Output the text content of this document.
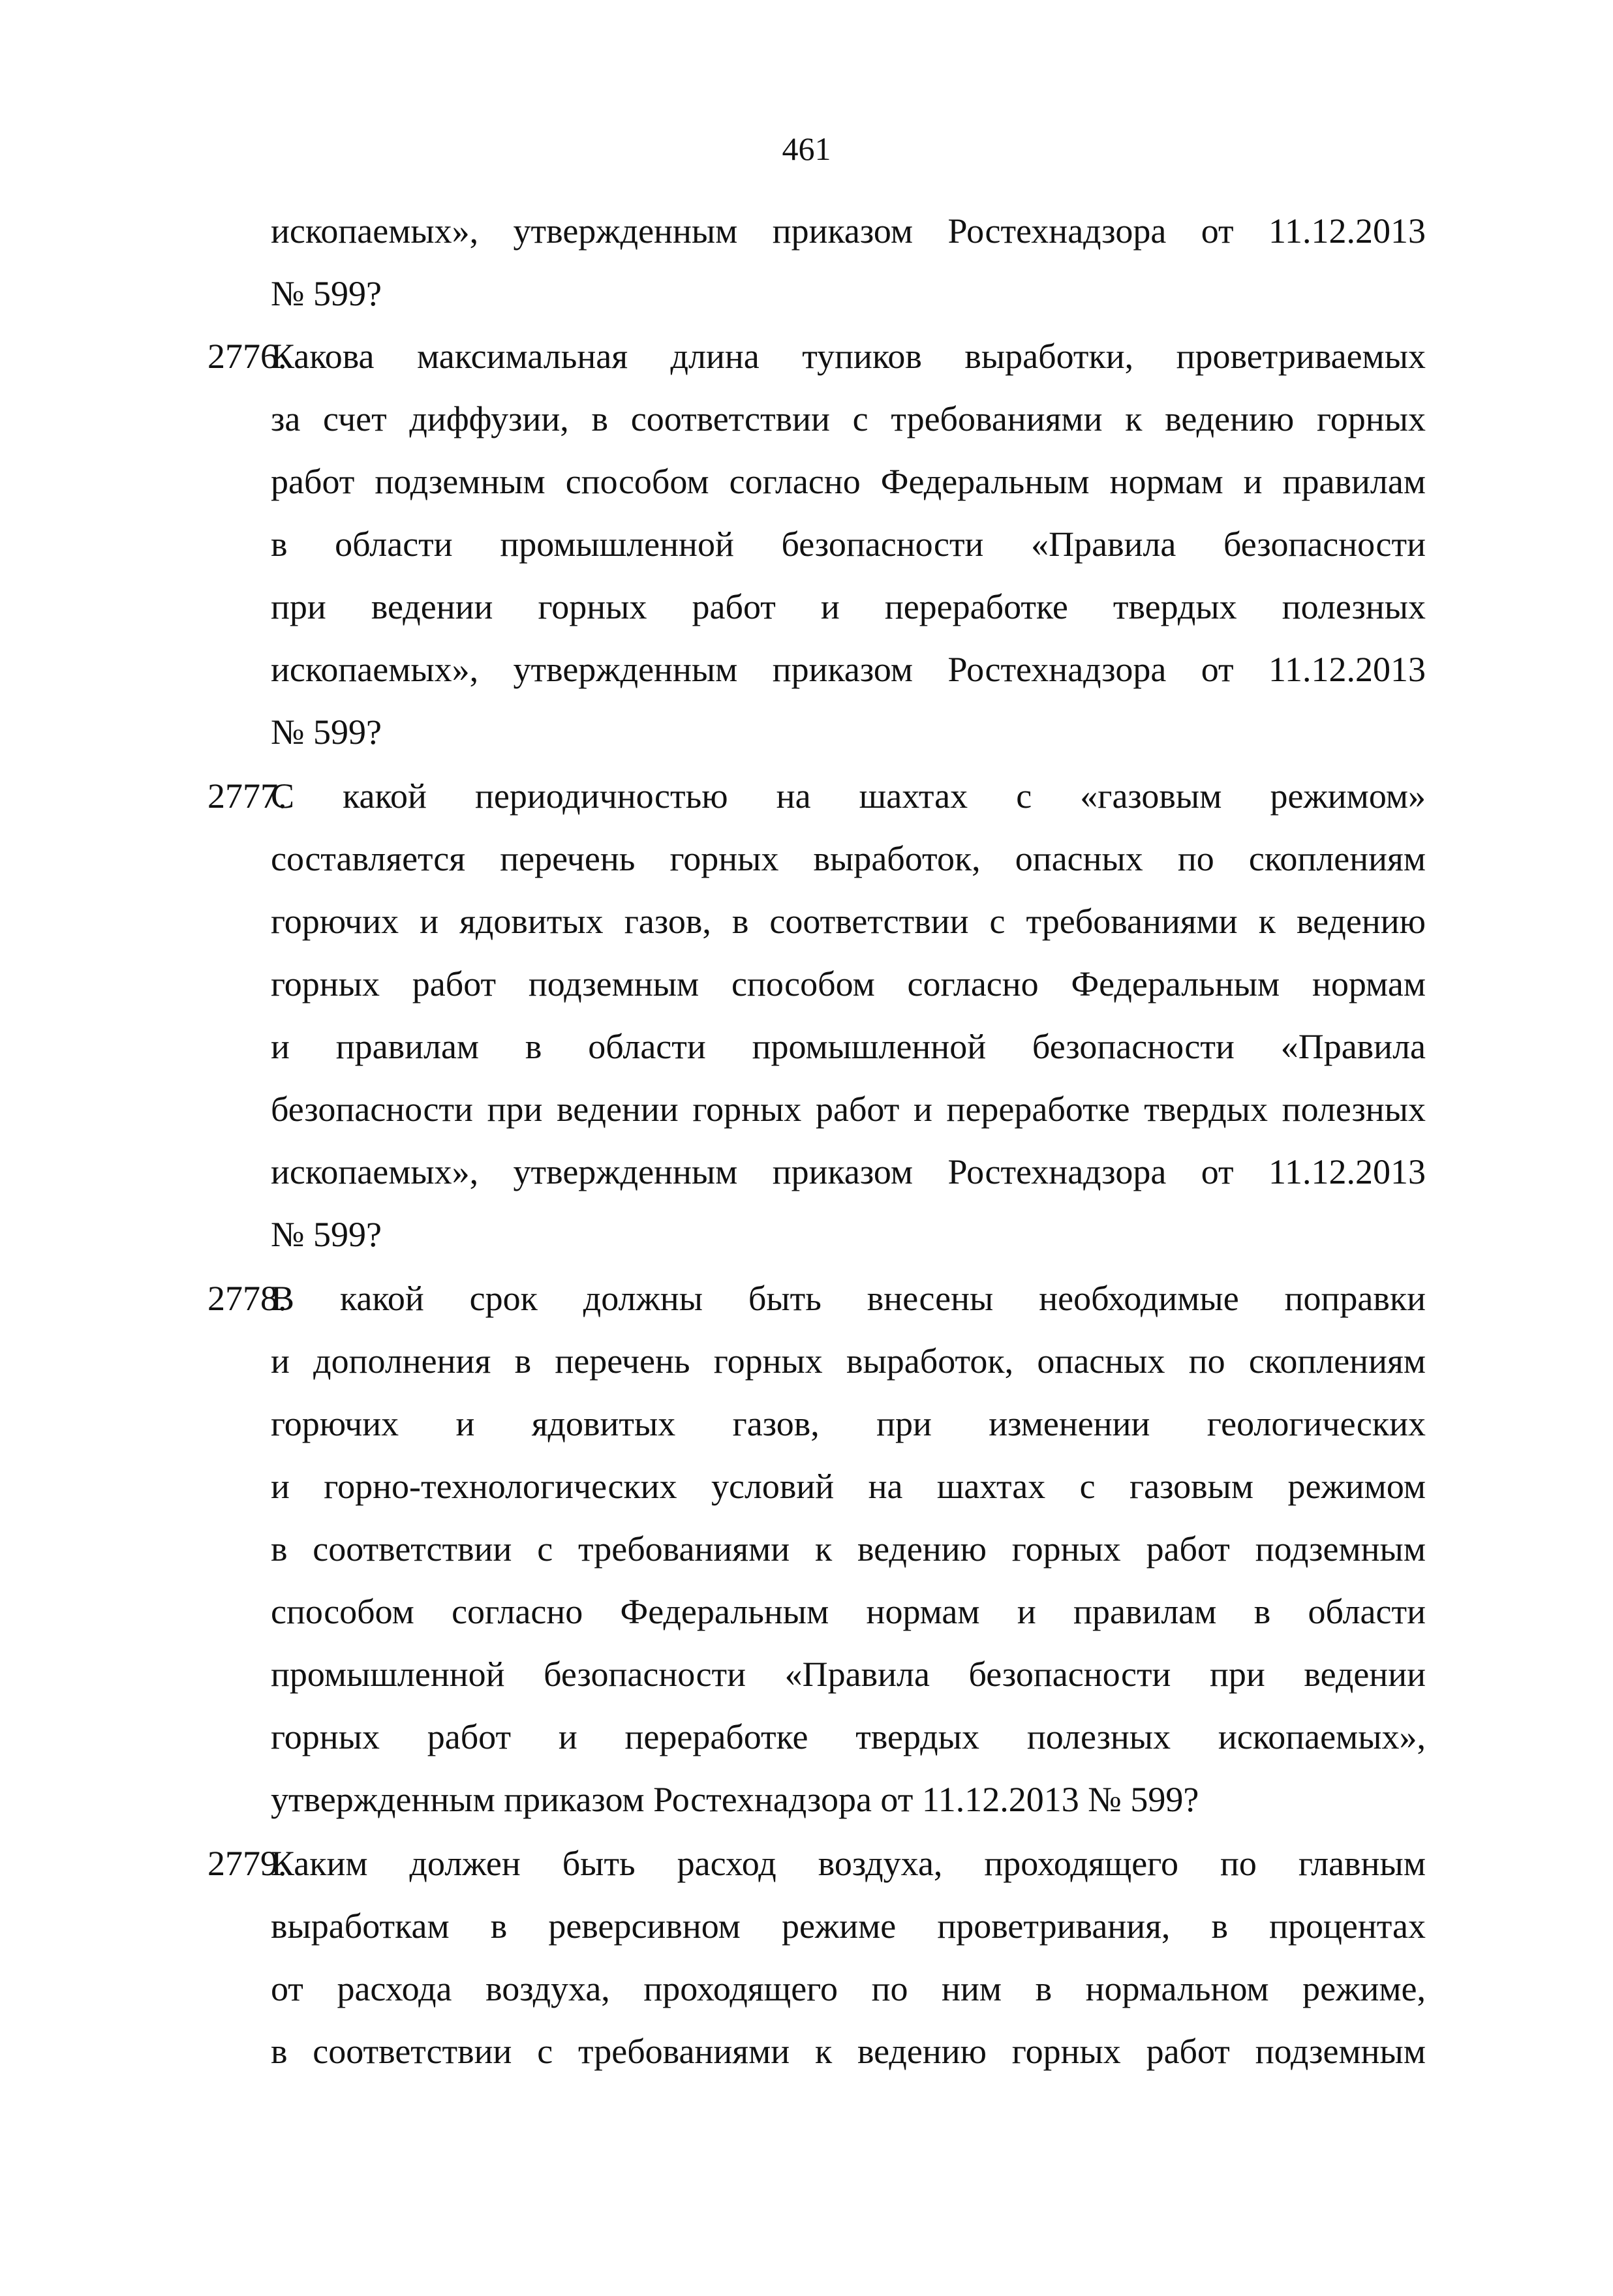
461
ископаемых», утвержденным приказом Ростехнадзора от 11.12.2013
№ 599?
2776.
Какова максимальная длина тупиков выработки, проветриваемых
за счет диффузии, в соответствии с требованиями к ведению горных
работ подземным способом согласно Федеральным нормам и правилам
в области промышленной безопасности «Правила безопасности
при ведении горных работ и переработке твердых полезных
ископаемых», утвержденным приказом Ростехнадзора от 11.12.2013
№ 599?
2777.
С какой периодичностью на шахтах с «газовым режимом»
составляется перечень горных выработок, опасных по скоплениям
горючих и ядовитых газов, в соответствии с требованиями к ведению
горных работ подземным способом согласно Федеральным нормам
и правилам в области промышленной безопасности «Правила
безопасности при ведении горных работ и переработке твердых полезных
ископаемых», утвержденным приказом Ростехнадзора от 11.12.2013
№ 599?
2778.
В какой срок должны быть внесены необходимые поправки
и дополнения в перечень горных выработок, опасных по скоплениям
горючих и ядовитых газов, при изменении геологических
и горно-технологических условий на шахтах с газовым режимом
в соответствии с требованиями к ведению горных работ подземным
способом согласно Федеральным нормам и правилам в области
промышленной безопасности «Правила безопасности при ведении
горных работ и переработке твердых полезных ископаемых»,
утвержденным приказом Ростехнадзора от 11.12.2013 № 599?
2779.
Каким должен быть расход воздуха, проходящего по главным
выработкам в реверсивном режиме проветривания, в процентах
от расхода воздуха, проходящего по ним в нормальном режиме,
в соответствии с требованиями к ведению горных работ подземным
